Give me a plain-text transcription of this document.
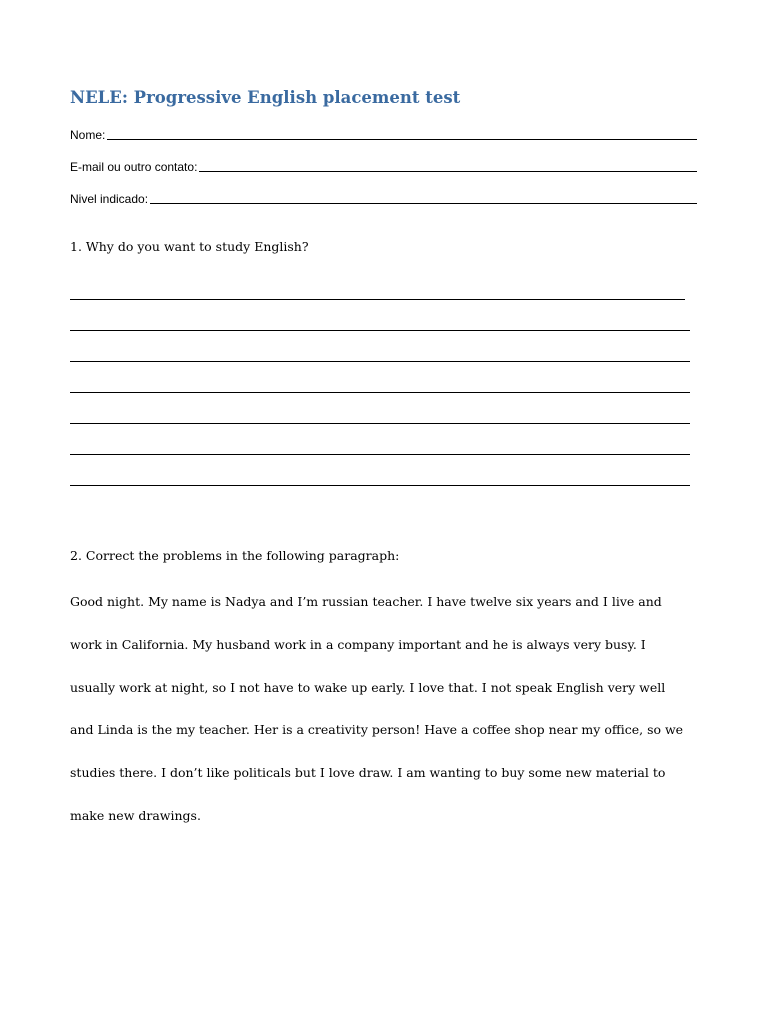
NELE: Progressive English placement test
Nome:
E-mail ou outro contato:
Nivel indicado:
1. Why do you want to study English?
2. Correct the problems in the following paragraph:
Good night. My name is Nadya and I’m russian teacher. I have twelve six years and I live and
work in California. My husband work in a company important and he is always very busy. I
usually work at night, so I not have to wake up early. I love that. I not speak English very well
and Linda is the my teacher. Her is a creativity person! Have a coffee shop near my office, so we
studies there. I don’t like politicals but I love draw. I am wanting to buy some new material to
make new drawings.
